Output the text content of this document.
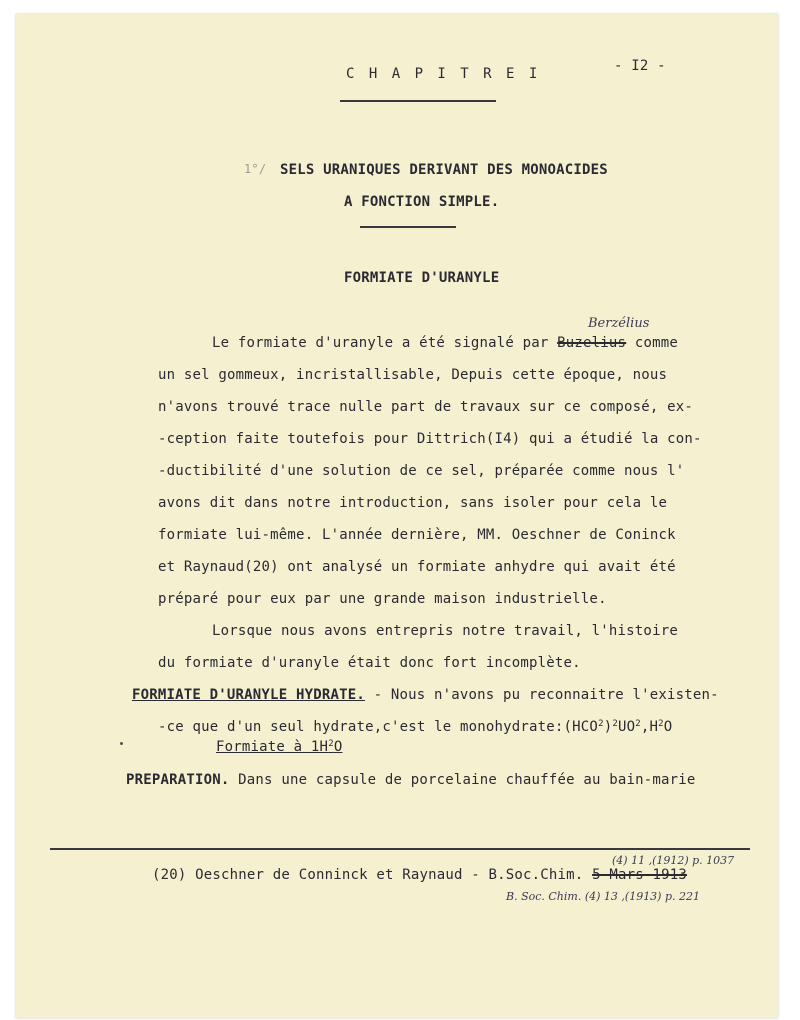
C H A P I T R E I	- I2 -
1°/ SELS URANIQUES DERIVANT DES MONOACIDES
A FONCTION SIMPLE.
FORMIATE D'URANYLE
Berzélius
Le formiate d'uranyle a été signalé par Buzelius comme
un sel gommeux, incristallisable, Depuis cette époque, nous
n'avons trouvé trace nulle part de travaux sur ce composé, ex-
-ception faite toutefois pour Dittrich(I4) qui a étudié la con-
-ductibilité d'une solution de ce sel, préparée comme nous l'
avons dit dans notre introduction, sans isoler pour cela le
formiate lui-même. L'année dernière, MM. Oeschner de Coninck
et Raynaud(20) ont analysé un formiate anhydre qui avait été
préparé pour eux par une grande maison industrielle.
Lorsque nous avons entrepris notre travail, l'histoire
du formiate d'uranyle était donc fort incomplète.
FORMIATE D'URANYLE HYDRATE. - Nous n'avons pu reconnaitre l'existen-
-ce que d'un seul hydrate,c'est le $monohydrate:(HCO^2)^2UO^2,H^2O$
Formiate à $1H^2O$
PREPARATION. Dans une capsule de porcelaine chauffée au bain-marie
(4) 11 ,(1912) p. 1037
(20) Oeschner de Conninck et Raynaud - B.Soc.Chim. 5 Mars 1913
B. Soc. Chim. (4) 13 ,(1913) p. 221
